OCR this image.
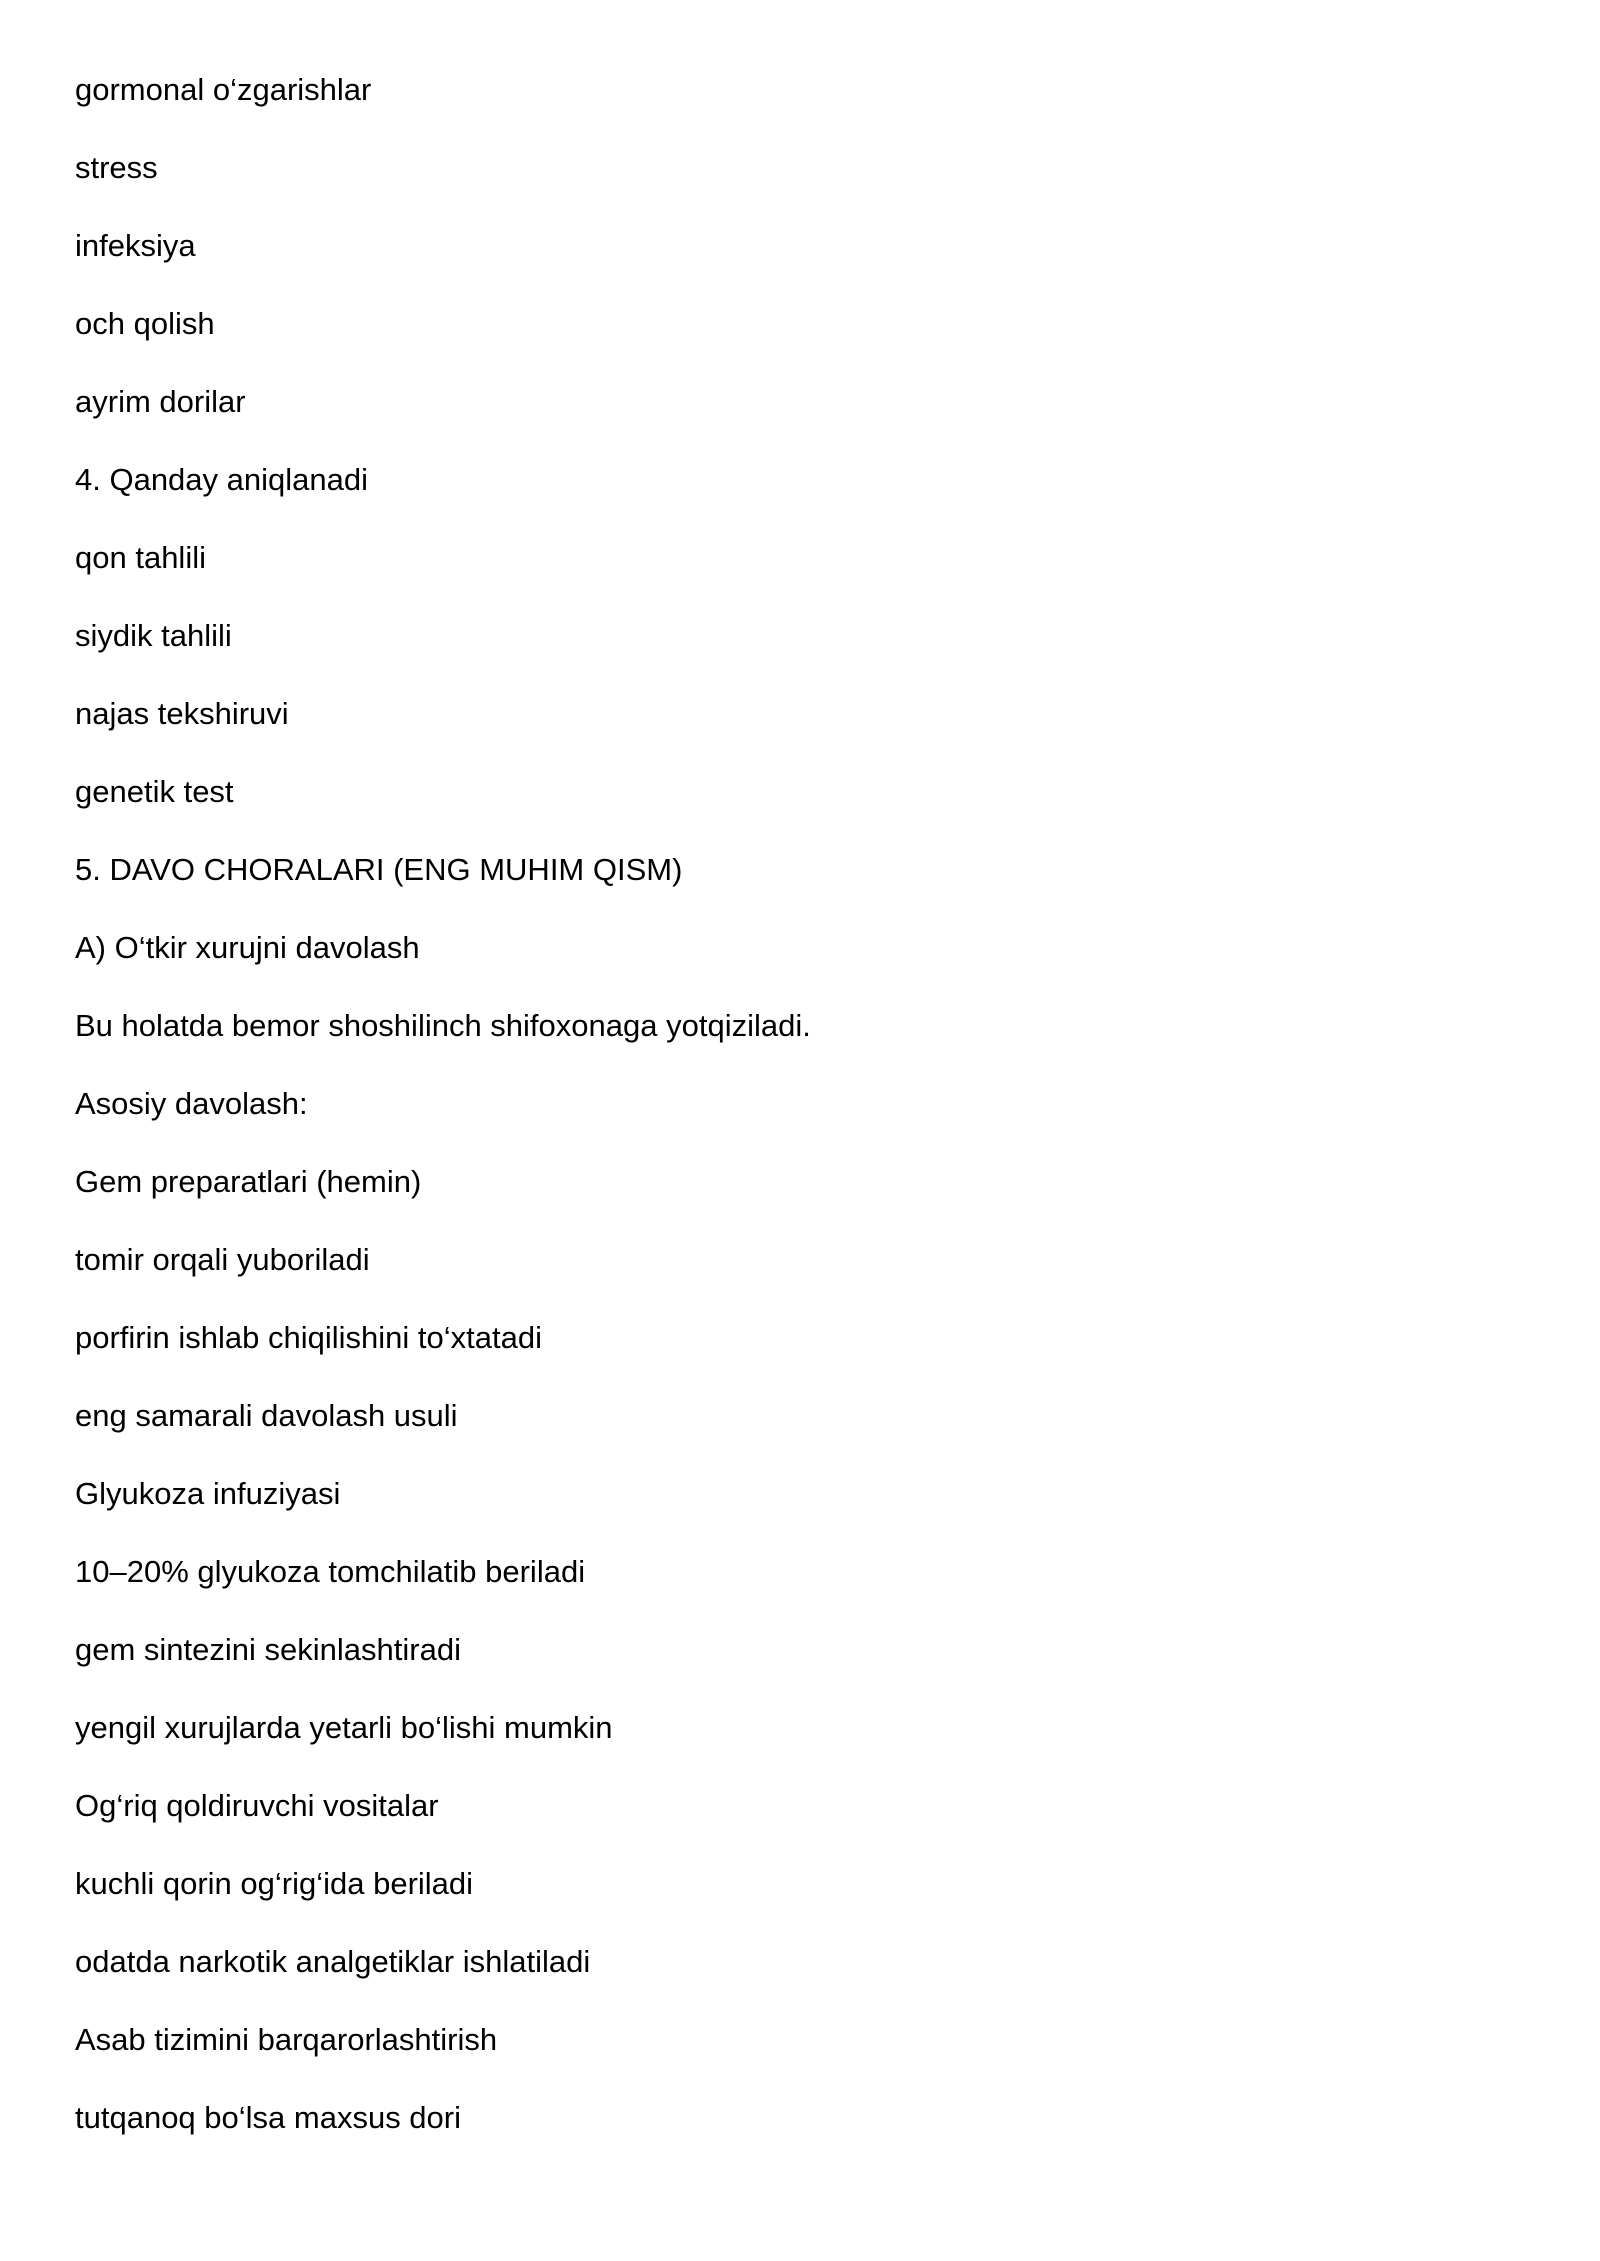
gormonal o‘zgarishlar
stress
infeksiya
och qolish
ayrim dorilar
4. Qanday aniqlanadi
qon tahlili
siydik tahlili
najas tekshiruvi
genetik test
5. DAVO CHORALARI (ENG MUHIM QISM)
A) O‘tkir xurujni davolash
Bu holatda bemor shoshilinch shifoxonaga yotqiziladi.
Asosiy davolash:
Gem preparatlari (hemin)
tomir orqali yuboriladi
porfirin ishlab chiqilishini to‘xtatadi
eng samarali davolash usuli
Glyukoza infuziyasi
10–20% glyukoza tomchilatib beriladi
gem sintezini sekinlashtiradi
yengil xurujlarda yetarli bo‘lishi mumkin
Og‘riq qoldiruvchi vositalar
kuchli qorin og‘rig‘ida beriladi
odatda narkotik analgetiklar ishlatiladi
Asab tizimini barqarorlashtirish
tutqanoq bo‘lsa maxsus dori
